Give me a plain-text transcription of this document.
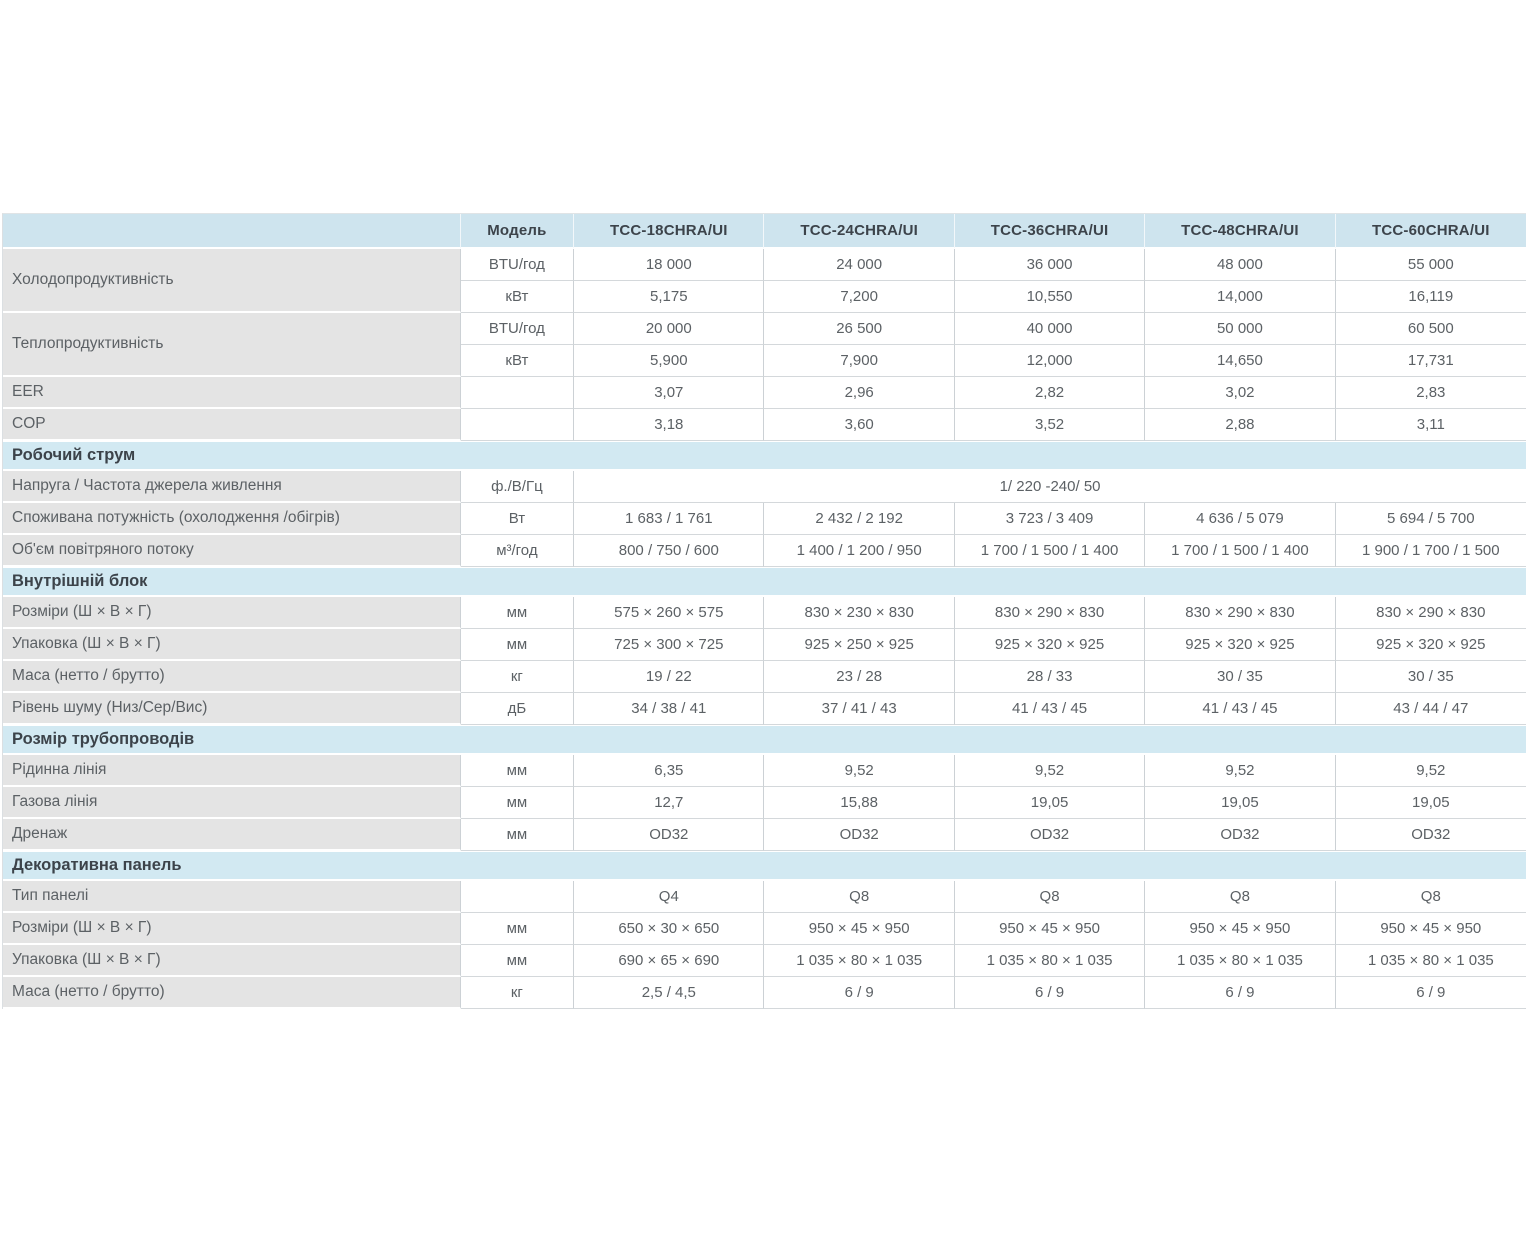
	Модель	TCC-18CHRA/UI	TCC-24CHRA/UI	TCC-36CHRA/UI	TCC-48CHRA/UI	TCC-60CHRA/UI
Холодопродуктивність	BTU/год	18 000	24 000	36 000	48 000	55 000
	кВт	5,175	7,200	10,550	14,000	16,119
Теплопродуктивність	BTU/год	20 000	26 500	40 000	50 000	60 500
	кВт	5,900	7,900	12,000	14,650	17,731
EER		3,07	2,96	2,82	3,02	2,83
COP		3,18	3,60	3,52	2,88	3,11
Робочий струм						
Напруга / Частота джерела живлення	ф./В/Гц	1/ 220 -240/ 50				
Споживана потужність (охолодження /обігрів)	Вт	1 683 / 1 761	2 432 / 2 192	3 723 / 3 409	4 636 / 5 079	5 694 / 5 700
Об'єм повітряного потоку	м³/год	800 / 750 / 600	1 400 / 1 200 / 950	1 700 / 1 500 / 1 400	1 700 / 1 500 / 1 400	1 900 / 1 700 / 1 500
Внутрішній блок						
Розміри (Ш × В × Г)	мм	575 × 260 × 575	830 × 230 × 830	830 × 290 × 830	830 × 290 × 830	830 × 290 × 830
Упаковка (Ш × В × Г)	мм	725 × 300 × 725	925 × 250 × 925	925 × 320 × 925	925 × 320 × 925	925 × 320 × 925
Маса (нетто / брутто)	кг	19 / 22	23 / 28	28 / 33	30 / 35	30 / 35
Рівень шуму (Низ/Сер/Вис)	дБ	34 / 38 / 41	37 / 41 / 43	41 / 43 / 45	41 / 43 / 45	43 / 44 / 47
Розмір трубопроводів						
Рідинна лінія	мм	6,35	9,52	9,52	9,52	9,52
Газова лінія	мм	12,7	15,88	19,05	19,05	19,05
Дренаж	мм	OD32	OD32	OD32	OD32	OD32
Декоративна панель						
Тип панелі		Q4	Q8	Q8	Q8	Q8
Розміри (Ш × В × Г)	мм	650 × 30 × 650	950 × 45 × 950	950 × 45 × 950	950 × 45 × 950	950 × 45 × 950
Упаковка (Ш × В × Г)	мм	690 × 65 × 690	1 035 × 80 × 1 035	1 035 × 80 × 1 035	1 035 × 80 × 1 035	1 035 × 80 × 1 035
Маса (нетто / брутто)	кг	2,5 / 4,5	6 / 9	6 / 9	6 / 9	6 / 9
